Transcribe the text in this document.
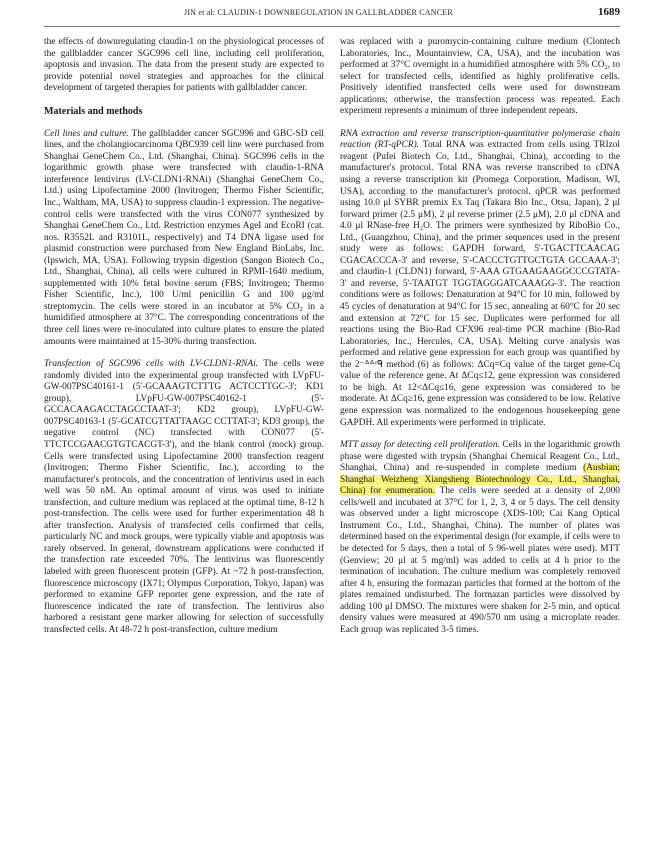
JIN et al: CLAUDIN-1 DOWNREGULATION IN GALLBLADDER CANCER	1689

the effects of downregulating claudin-1 on the physiological processes of the gallbladder cancer SGC996 cell line, including cell proliferation, apoptosis and invasion. The data from the present study are expected to provide potential novel strategies and approaches for the clinical development of targeted therapies for patients with gallbladder cancer.

Materials and methods

Cell lines and culture. The gallbladder cancer SGC996 and GBC-SD cell lines, and the cholangiocarcinoma QBC939 cell line were purchased from Shanghai GeneChem Co., Ltd. (Shanghai, China). SGC996 cells in the logarithmic growth phase were transfected with claudin-1-RNA interference lentivirus (LV-CLDN1-RNAi) (Shanghai GeneChem Co., Ltd.) using Lipofectamine 2000 (Invitrogen; Thermo Fisher Scientific, Inc., Waltham, MA, USA) to suppress claudin-1 expression. The negative-control cells were transfected with the virus CON077 synthesized by Shanghai GeneChem Co., Ltd. Restriction enzymes AgeI and EcoRI (cat. nos. R3552L and R3101L, respectively) and T4 DNA ligase used for plasmid construction were purchased from New England BioLabs, Inc. (Ipswich, MA, USA). Following trypsin digestion (Sangon Biotech Co., Ltd., Shanghai, China), all cells were cultured in RPMI-1640 medium, supplemented with 10% fetal bovine serum (FBS; Invitrogen; Thermo Fisher Scientific, Inc.), 100 U/ml penicillin G and 100 μg/ml streptomycin. The cells were stored in an incubator at 5% CO₂ in a humidified atmosphere at 37°C. The corresponding concentrations of the three cell lines were re-inoculated into culture plates to ensure the plated amounts were maintained at 15-30% during transfection.

Transfection of SGC996 cells with LV-CLDN1-RNAi. The cells were randomly divided into the experimental group transfected with LVpFU-GW-007PSC40161-1 (5'-GCAAAGTCTTTG ACTCCTTGC-3'; KD1 group), LVpFU-GW-007PSC40162-1 (5'-GCCACAAGACCTAGCCTAAT-3'; KD2 group), LVpFU-GW-007PSC40163-1 (5'-GCATCGTTATTAAGC CCTTAT-3'; KD3 group), the negative control (NC) transfected with CON077 (5'-TTCTCCGAACGTGTCACGT-3'), and the blank control (mock) group. Cells were transfected using Lipofectamine 2000 transfection reagent (Invitrogen; Thermo Fisher Scientific, Inc.), according to the manufacturer's protocols, and the concentration of lentivirus used in each well was 50 nM. An optimal amount of virus was used to initiate transfection, and culture medium was replaced at the optimal time, 8-12 h post-transfection. The cells were used for further experimentation 48 h after transfection. Analysis of transfected cells confirmed that cells, particularly NC and mock groups, were typically viable and apoptosis was rarely observed. In general, downstream applications were conducted if the transfection rate exceeded 70%. The lentivirus was fluorescently labeled with green fluorescent protein (GFP). At ~72 h post-transfection, fluorescence microscopy (IX71; Olympus Corporation, Tokyo, Japan) was performed to examine GFP reporter gene expression, and the rate of fluorescence indicated the rate of transfection. The lentivirus also harbored a resistant gene marker allowing for selection of successfully transfected cells. At 48-72 h post-transfection, culture medium

was replaced with a puromycin-containing culture medium (Clontech Laboratories, Inc., Mountainview, CA, USA), and the incubation was performed at 37°C overnight in a humidified atmosphere with 5% CO₂, to select for transfected cells, identified as highly proliferative cells. Positively identified transfected cells were used for downstream applications; otherwise, the transfection process was repeated. Each experiment represents a minimum of three independent repeats.

RNA extraction and reverse transcription-quantitative polymerase chain reaction (RT-qPCR). Total RNA was extracted from cells using TRIzol reagent (Pufei Biotech Co, Ltd., Shanghai, China), according to the manufacturer's protocol. Total RNA was reverse transcribed to cDNA using a reverse transcription kit (Promega Corporation, Madison, WI, USA), according to the manufacturer's protocol. qPCR was performed using 10.0 μl SYBR premix Ex Taq (Takara Bio Inc., Otsu, Japan), 2 μl forward primer (2.5 μM), 2 μl reverse primer (2.5 μM), 2.0 μl cDNA and 4.0 μl RNase-free H₂O. The primers were synthesized by RiboBio Co., Ltd., (Guangzhou, China), and the primer sequences used in the present study were as follows: GAPDH forward, 5'-TGACTTCAACAG CGACACCCA-3' and reverse, 5'-CACCCTGTTGCTGTA GCCAAA-3'; and claudin-1 (CLDN1) forward, 5'-AAA GTGAAGAAGGCCCGTATA-3' and reverse, 5'-TAATGT TGGTAGGGATCAAAGG-3'. The reaction conditions were as follows: Denaturation at 94°C for 10 min, followed by 45 cycles of denaturation at 94°C for 15 sec, annealing at 60°C for 20 sec and extension at 72°C for 15 sec. Duplicates were performed for all reactions using the Bio-Rad CFX96 real-time PCR machine (Bio-Rad Laboratories, Inc., Hercules, CA, USA). Melting curve analysis was performed and relative gene expression for each group was quantified by the 2⁻ᐞᐞᶜᑫ method (6) as follows: ΔCq=Cq value of the target gene-Cq value of the reference gene. At ΔCq≤12, gene expression was considered to be high. At 12<ΔCq≤16, gene expression was considered to be moderate. At ΔCq≥16, gene expression was considered to be low. Relative gene expression was normalized to the endogenous housekeeping gene GAPDH. All experiments were performed in triplicate.

MTT assay for detecting cell proliferation. Cells in the logarithmic growth phase were digested with trypsin (Shanghai Chemical Reagent Co., Ltd., Shanghai, China) and re-suspended in complete medium (Ausbian; Shanghai Weizheng Xiangsheng Biotechnology Co., Ltd., Shanghai, China) for enumeration. The cells were seeded at a density of 2,000 cells/well and incubated at 37°C for 1, 2, 3, 4 or 5 days. The cell density was observed under a light microscope (XDS-100; Cai Kang Optical Instrument Co., Ltd., Shanghai, China). The number of plates was determined based on the experimental design (for example, if cells were to be detected for 5 days, then a total of 5 96-well plates were used). MTT (Genview; 20 μl at 5 mg/ml) was added to cells at 4 h prior to the termination of incubation. The culture medium was completely removed after 4 h, ensuring the formazan particles that formed at the bottom of the plates remained undisturbed. The formazan particles were dissolved by adding 100 μl DMSO. The mixtures were shaken for 2-5 min, and optical density values were measured at 490/570 nm using a microplate reader. Each group was replicated 3-5 times.
